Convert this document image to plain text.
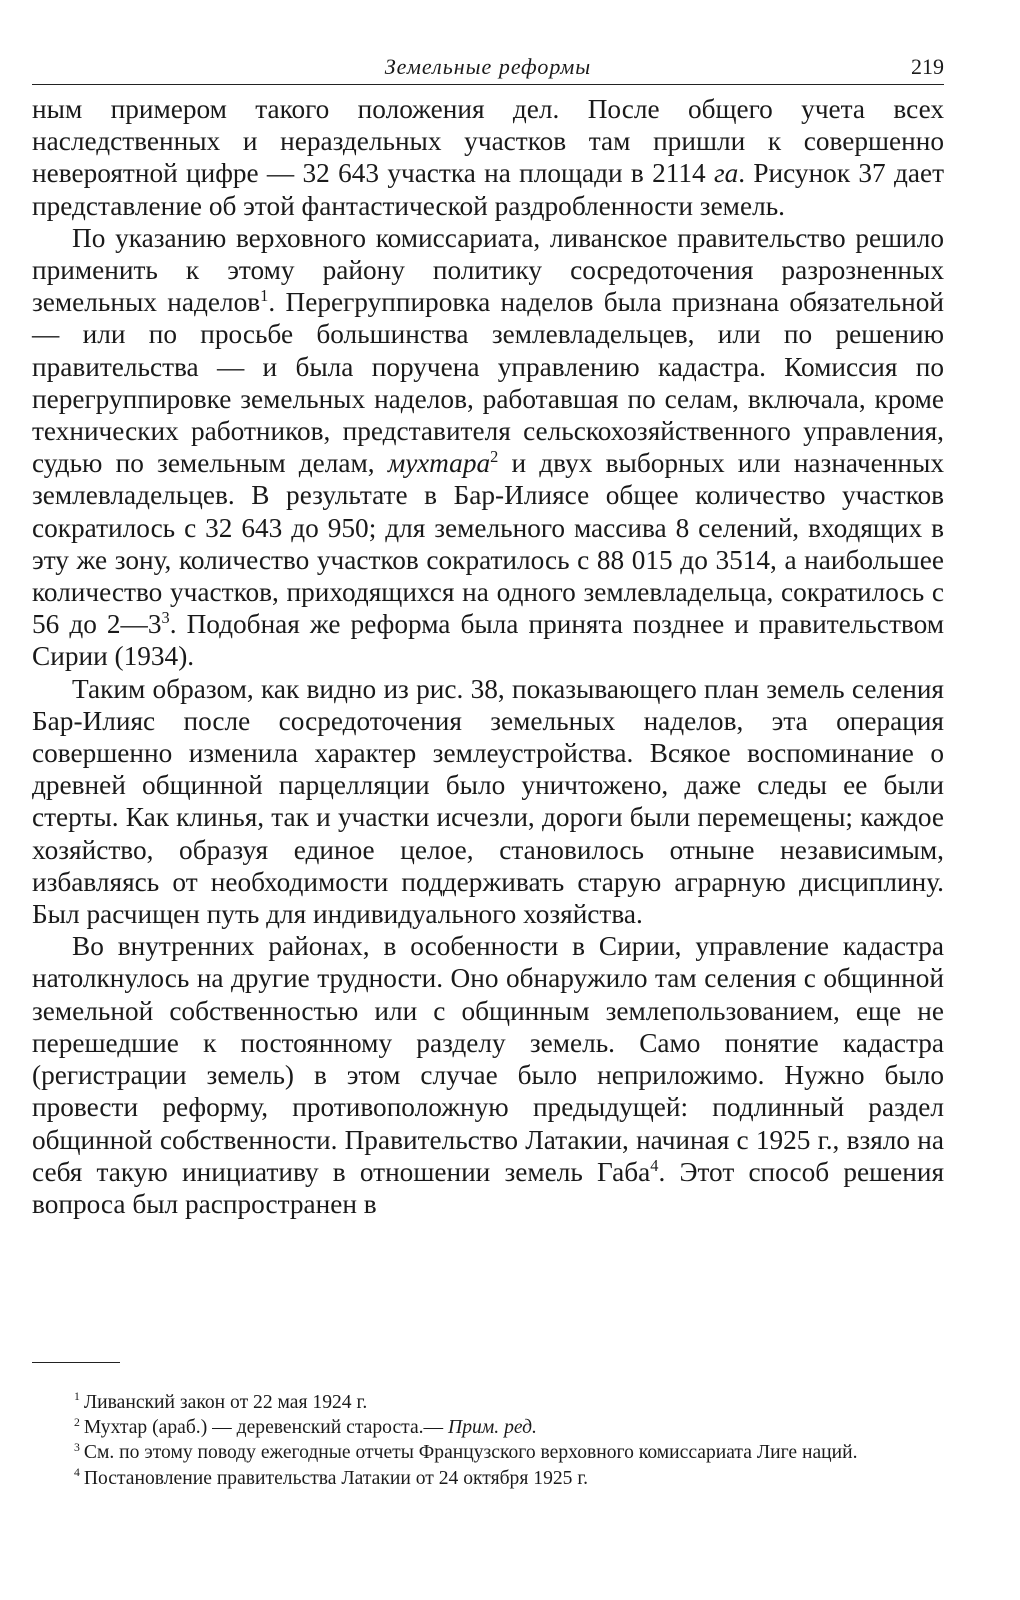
Земельные реформы	219

ным примером такого положения дел. После общего учета всех наследственных и нераздельных участков там пришли к совершенно невероятной цифре — 32 643 участка на площади в 2114 га. Рисунок 37 дает представление об этой фантастической раздробленности земель.

По указанию верховного комиссариата, ливанское правительство решило применить к этому району политику сосредоточения разрозненных земельных наделов$^1$. Перегруппировка наделов была признана обязательной — или по просьбе большинства землевладельцев, или по решению правительства — и была поручена управлению кадастра. Комиссия по перегруппировке земельных наделов, работавшая по селам, включала, кроме технических работников, представителя сельскохозяйственного управления, судью по земельным делам, мухтара$^2$ и двух выборных или назначенных землевладельцев. В результате в Бар-Илиясе общее количество участков сократилось с 32 643 до 950; для земельного массива 8 селений, входящих в эту же зону, количество участков сократилось с 88 015 до 3514, а наибольшее количество участков, приходящихся на одного землевладельца, сократилось с 56 до $2—3^3$. Подобная же реформа была принята позднее и правительством Сирии (1934).

Таким образом, как видно из рис. 38, показывающего план земель селения Бар-Илияс после сосредоточения земельных наделов, эта операция совершенно изменила характер землеустройства. Всякое воспоминание о древней общинной парцелляции было уничтожено, даже следы ее были стерты. Как клинья, так и участки исчезли, дороги были перемещены; каждое хозяйство, образуя единое целое, становилось отныне независимым, избавляясь от необходимости поддерживать старую аграрную дисциплину. Был расчищен путь для индивидуального хозяйства.

Во внутренних районах, в особенности в Сирии, управление кадастра натолкнулось на другие трудности. Оно обнаружило там селения с общинной земельной собственностью или с общинным землепользованием, еще не перешедшие к постоянному разделу земель. Само понятие кадастра (регистрации земель) в этом случае было неприложимо. Нужно было провести реформу, противоположную предыдущей: подлинный раздел общинной собственности. Правительство Латакии, начиная с 1925 г., взяло на себя такую инициативу в отношении земель Габа$^4$. Этот способ решения вопроса был распространен в

$^1$ Ливанский закон от 22 мая 1924 г.

$^2$ Мухтар (араб.) — деревенский староста.— Прим. ред.

$^3$ См. по этому поводу ежегодные отчеты Французского верховного комиссариата Лиге наций.

$^4$ Постановление правительства Латакии от 24 октября 1925 г.
